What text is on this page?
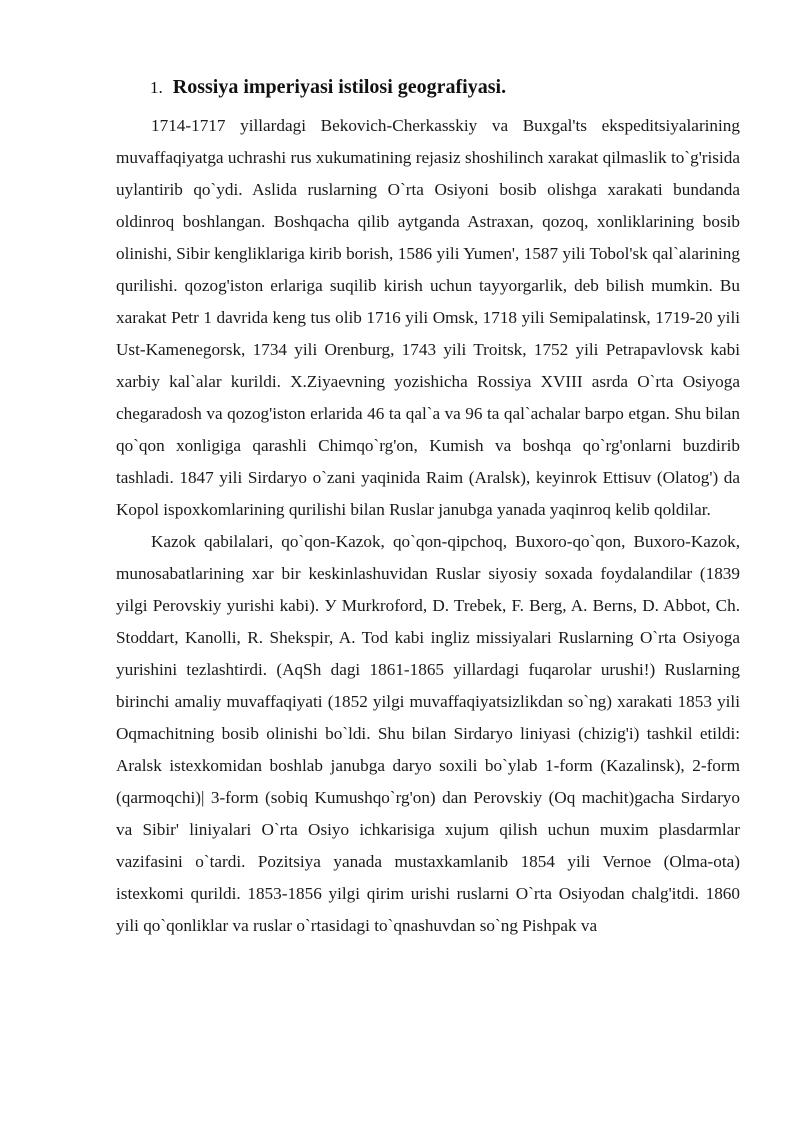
1. Rossiya imperiyasi istilosi geografiyasi.

1714-1717 yillardagi Bekovich-Cherkasskiy va Buxgal'ts ekspeditsiyalarining muvaffaqiyatga uchrashi rus xukumatining rejasiz shoshilinch xarakat qilmaslik to`g'risida uylantirib qo`ydi. Aslida ruslarning O`rta Osiyoni bosib olishga xarakati bundanda oldinroq boshlangan. Boshqacha qilib aytganda Astraxan, qozoq, xonliklarining bosib olinishi, Sibir kengliklariga kirib borish, 1586 yili Yumen', 1587 yili Tobol'sk qal`alarining qurilishi. qozog'iston erlariga suqilib kirish uchun tayyorgarlik, deb bilish mumkin. Bu xarakat Petr 1 davrida keng tus olib 1716 yili Omsk, 1718 yili Semipalatinsk, 1719-20 yili Ust-Kamenegorsk, 1734 yili Orenburg, 1743 yili Troitsk, 1752 yili Petrapavlovsk kabi xarbiy kal`alar kurildi. X.Ziyaevning yozishicha Rossiya XVIII asrda O`rta Osiyoga chegaradosh va qozog'iston erlarida 46 ta qal`a va 96 ta qal`achalar barpo etgan. Shu bilan qo`qon xonligiga qarashli Chimqo`rg'on, Kumish va boshqa qo`rg'onlarni buzdirib tashladi. 1847 yili Sirdaryo o`zani yaqinida Raim (Aralsk), keyinrok Ettisuv (Olatog') da Kopol ispoxkomlarining qurilishi bilan Ruslar janubga yanada yaqinroq kelib qoldilar.

Kazok qabilalari, qo`qon-Kazok, qo`qon-qipchoq, Buxoro-qo`qon, Buxoro-Kazok, munosabatlarining xar bir keskinlashuvidan Ruslar siyosiy soxada foydalandilar (1839 yilgi Perovskiy yurishi kabi). У Murkroford, D. Trebek, F. Berg, A. Berns, D. Abbot, Ch. Stoddart, Kanolli, R. Shekspir, A. Tod kabi ingliz missiyalari Ruslarning O`rta Osiyoga yurishini tezlashtirdi. (AqSh dagi 1861-1865 yillardagi fuqarolar urushi!) Ruslarning birinchi amaliy muvaffaqiyati (1852 yilgi muvaffaqiyatsizlikdan so`ng) xarakati 1853 yili Oqmachitning bosib olinishi bo`ldi. Shu bilan Sirdaryo liniyasi (chizig'i) tashkil etildi: Aralsk istexkomidan boshlab janubga daryo soxili bo`ylab 1-form (Kazalinsk), 2-form (qarmoqchi)| 3-form (sobiq Kumushqo`rg'on) dan Perovskiy (Oq machit)gacha Sirdaryo va Sibir' liniyalari O`rta Osiyo ichkarisiga xujum qilish uchun muxim plasdarmlar vazifasini o`tardi. Pozitsiya yanada mustaxkamlanib 1854 yili Vernoe (Olma-ota) istexkomi qurildi. 1853-1856 yilgi qirim urishi ruslarni O`rta Osiyodan chalg'itdi. 1860 yili qo`qonliklar va ruslar o`rtasidagi to`qnashuvdan so`ng Pishpak va
